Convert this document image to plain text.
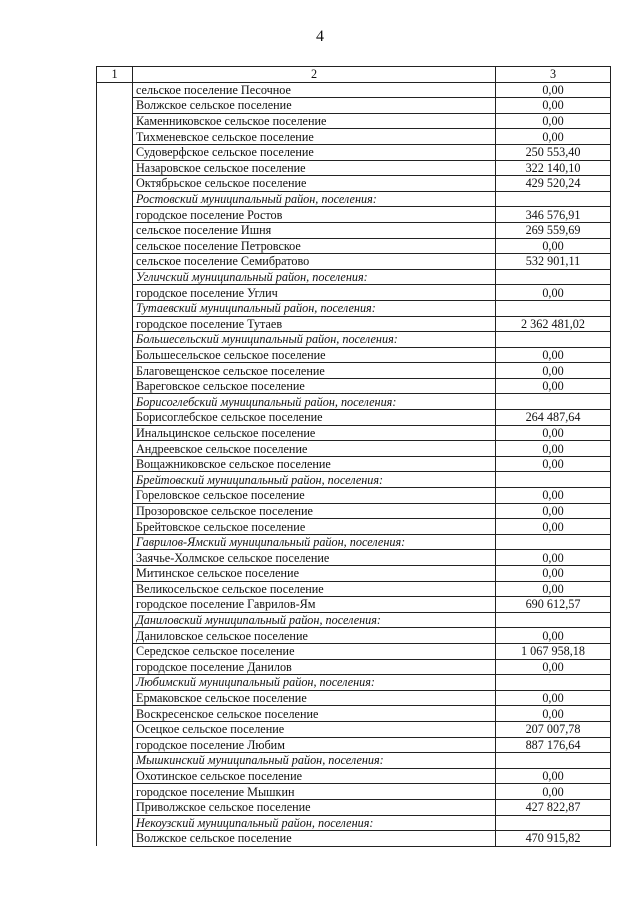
4
1	2	3
	сельское поселение Песочное	0,00
	Волжское сельское поселение	0,00
	Каменниковское сельское поселение	0,00
	Тихменевское сельское поселение	0,00
	Судоверфское сельское поселение	250 553,40
	Назаровское сельское поселение	322 140,10
	Октябрьское сельское поселение	429 520,24
	Ростовский муниципальный район, поселения:	
	городское поселение Ростов	346 576,91
	сельское поселение Ишня	269 559,69
	сельское поселение Петровское	0,00
	сельское поселение Семибратово	532 901,11
	Угличский муниципальный район, поселения:	
	городское поселение Углич	0,00
	Тутаевский муниципальный район, поселения:	
	городское поселение Тутаев	2 362 481,02
	Большесельский муниципальный район, поселения:	
	Большесельское сельское поселение	0,00
	Благовещенское сельское поселение	0,00
	Вареговское сельское поселение	0,00
	Борисоглебский муниципальный район, поселения:	
	Борисоглебское сельское поселение	264 487,64
	Инальцинское сельское поселение	0,00
	Андреевское сельское поселение	0,00
	Вощажниковское сельское поселение	0,00
	Брейтовский муниципальный район, поселения:	
	Гореловское сельское поселение	0,00
	Прозоровское сельское поселение	0,00
	Брейтовское сельское поселение	0,00
	Гаврилов-Ямский муниципальный район, поселения:	
	Заячье-Холмское сельское поселение	0,00
	Митинское сельское поселение	0,00
	Великосельское сельское поселение	0,00
	городское поселение Гаврилов-Ям	690 612,57
	Даниловский муниципальный район, поселения:	
	Даниловское сельское поселение	0,00
	Середское сельское поселение	1 067 958,18
	городское поселение Данилов	0,00
	Любимский муниципальный район, поселения:	
	Ермаковское сельское поселение	0,00
	Воскресенское сельское поселение	0,00
	Осецкое сельское поселение	207 007,78
	городское поселение Любим	887 176,64
	Мышкинский муниципальный район, поселения:	
	Охотинское сельское поселение	0,00
	городское поселение Мышкин	0,00
	Приволжское сельское поселение	427 822,87
	Некоузский муниципальный район, поселения:	
	Волжское сельское поселение	470 915,82
